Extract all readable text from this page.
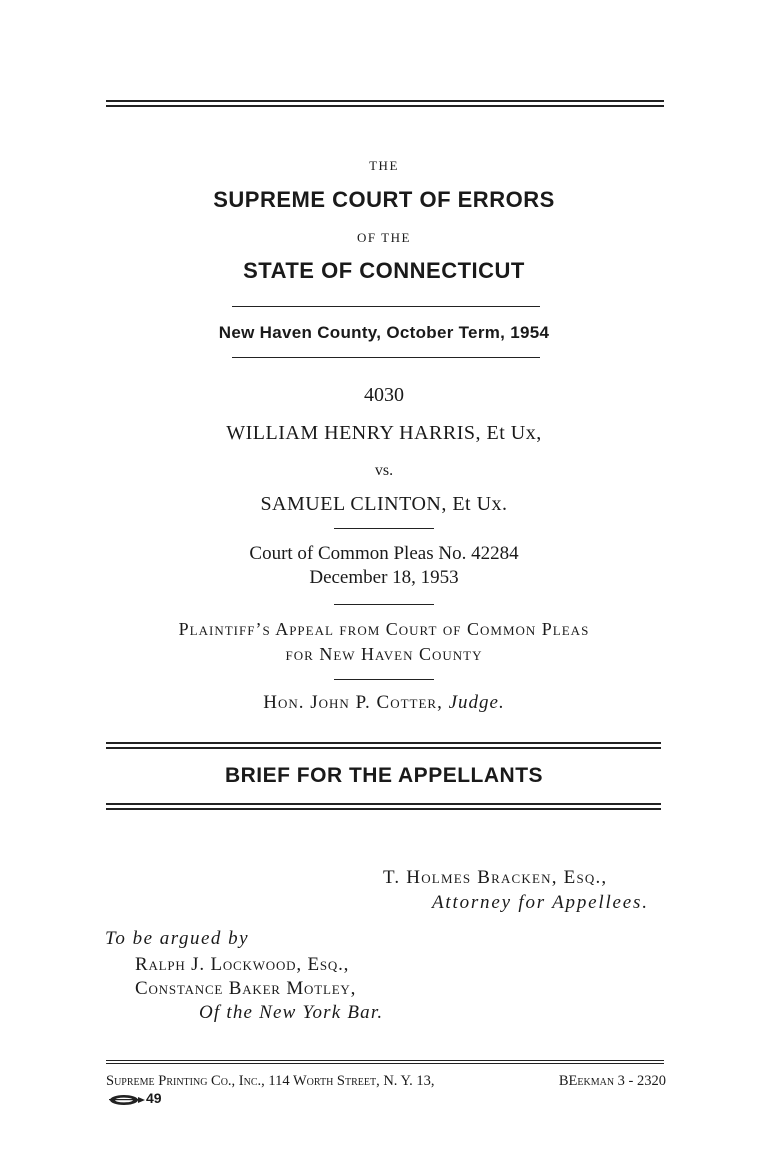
THE
SUPREME COURT OF ERRORS
OF THE
STATE OF CONNECTICUT
New Haven County, October Term, 1954
4030
WILLIAM HENRY HARRIS, Et Ux,
vs.
SAMUEL CLINTON, Et Ux.
Court of Common Pleas No. 42284
December 18, 1953
Plaintiff’s Appeal from Court of Common Pleas
for New Haven County
Hon. John P. Cotter, Judge.
BRIEF FOR THE APPELLANTS
T. Holmes Bracken, Esq.,
Attorney for Appellees.
To be argued by
Ralph J. Lockwood, Esq.,
Constance Baker Motley,
Of the New York Bar.
Supreme Printing Co., Inc., 114 Worth Street, N. Y. 13,	BEekman 3 - 2320
49
